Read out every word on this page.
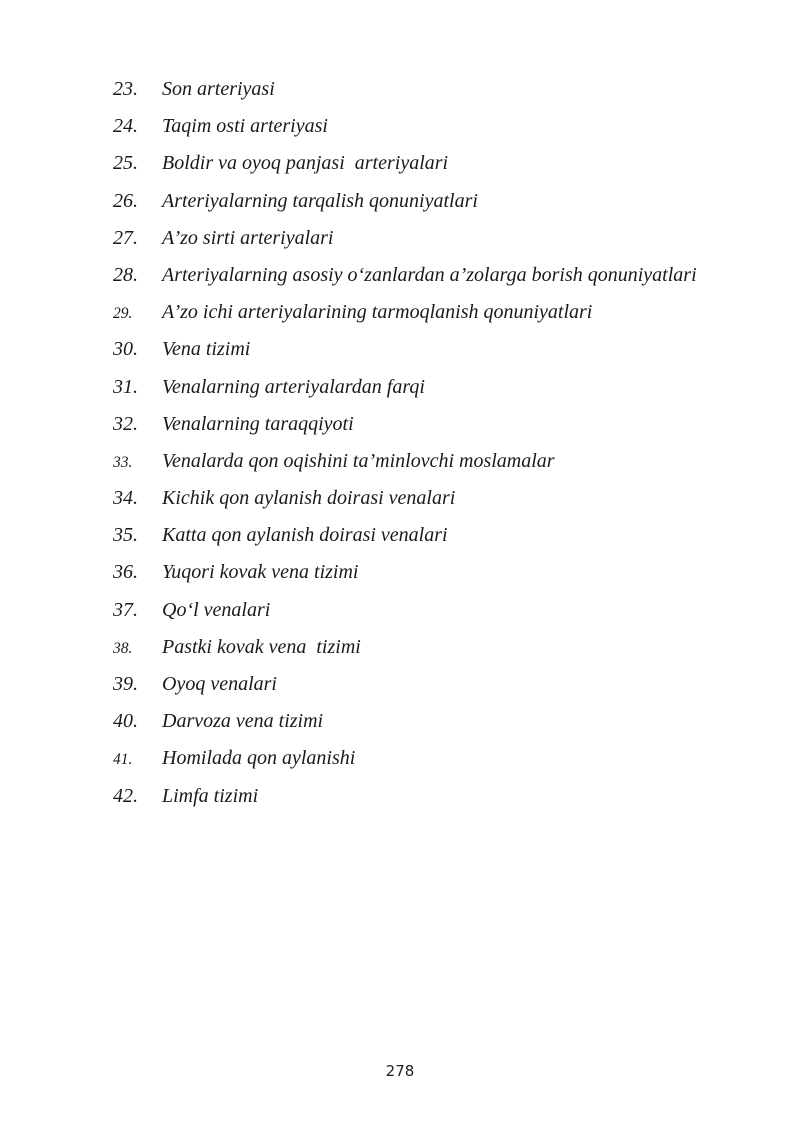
23. Son arteriyasi
24. Taqim osti arteriyasi
25. Boldir va oyoq panjasi  arteriyalari
26. Arteriyalarning tarqalish qonuniyatlari
27. A’zo sirti arteriyalari
28. Arteriyalarning asosiy o‘zanlardan a’zolarga borish qonuniyatlari
29. A’zo ichi arteriyalarining tarmoqlanish qonuniyatlari
30. Vena tizimi
31. Venalarning arteriyalardan farqi
32. Venalarning taraqqiyoti
33. Venalarda qon oqishini ta’minlovchi moslamalar
34. Kichik qon aylanish doirasi venalari
35. Katta qon aylanish doirasi venalari
36. Yuqori kovak vena tizimi
37. Qo‘l venalari
38. Pastki kovak vena  tizimi
39. Oyoq venalari
40. Darvoza vena tizimi
41. Homilada qon aylanishi
42. Limfa tizimi
278
